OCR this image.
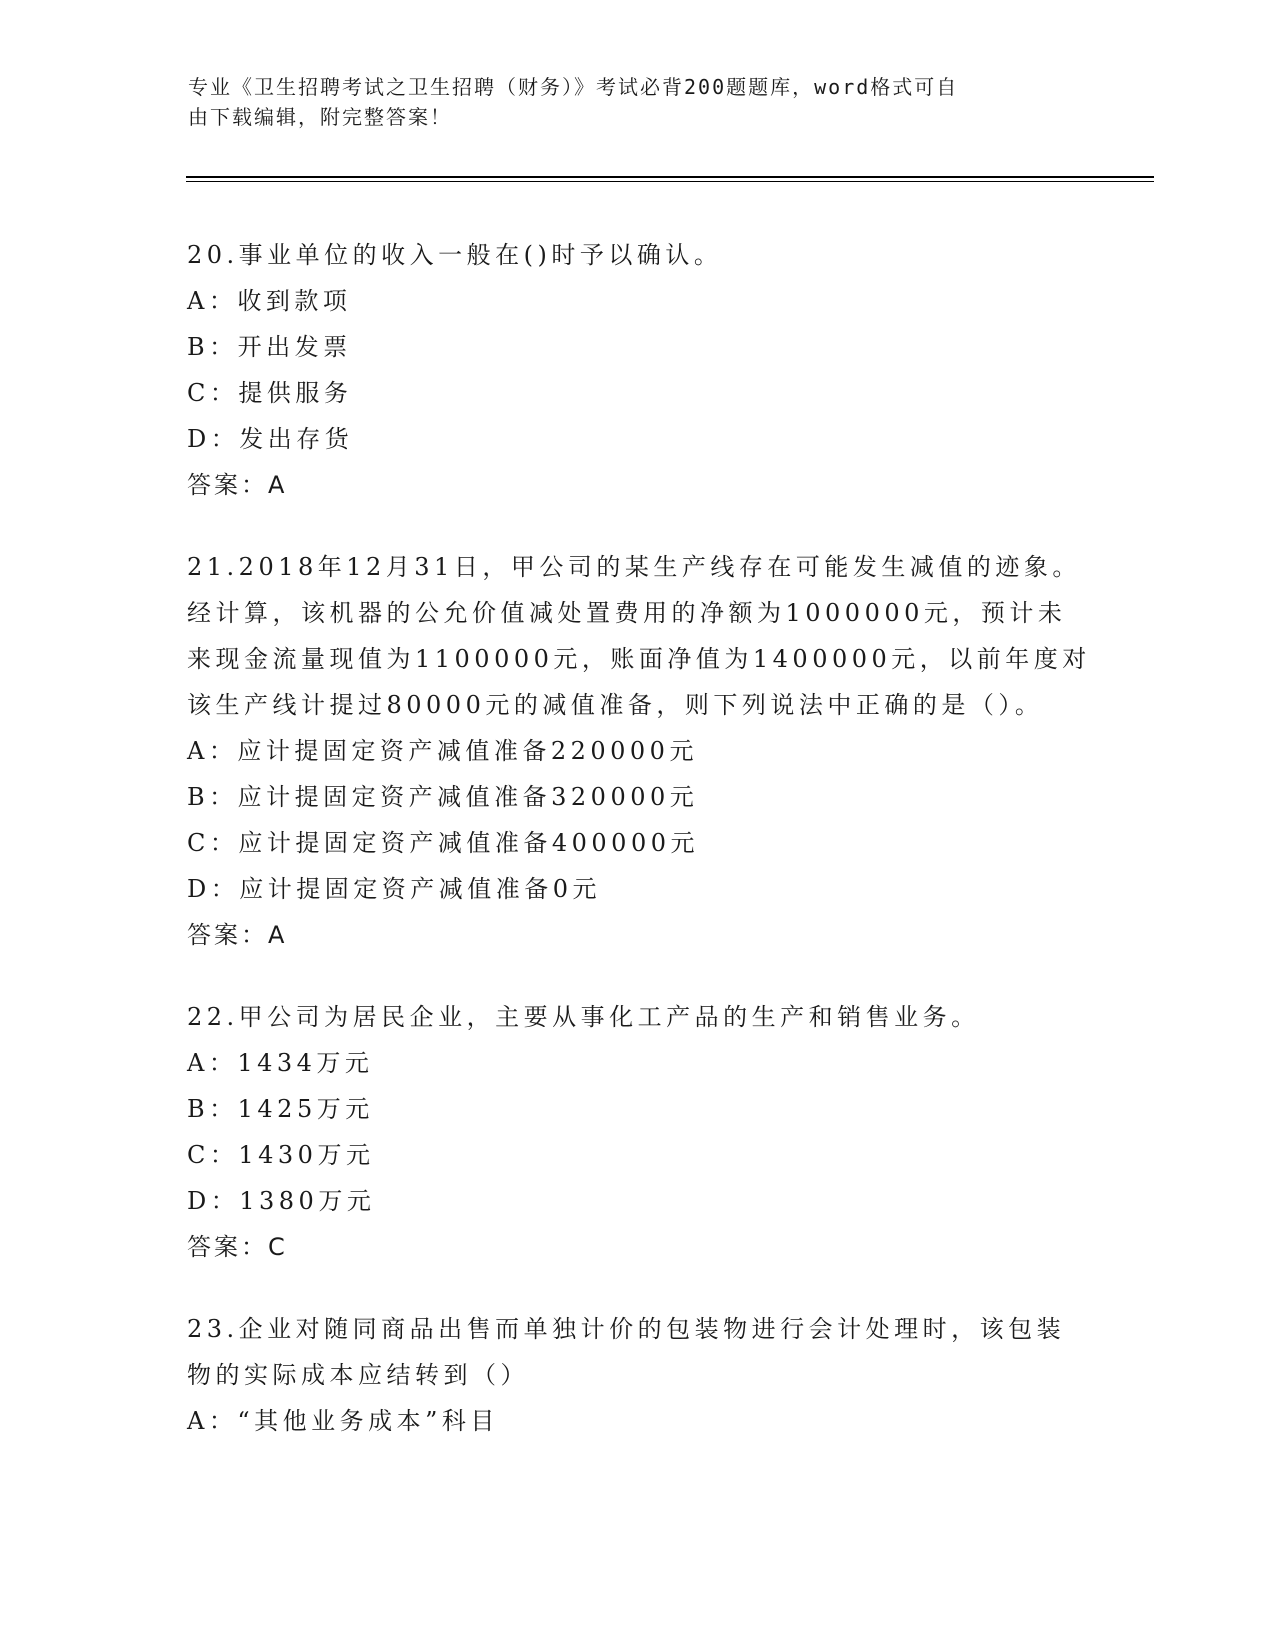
专业《卫生招聘考试之卫生招聘（财务）》考试必背200题题库，word格式可自
由下载编辑，附完整答案！
20.事业单位的收入一般在()时予以确认。
A：收到款项
B：开出发票
C：提供服务
D：发出存货
答案：A
21.2018年12月31日，甲公司的某生产线存在可能发生减值的迹象。
经计算，该机器的公允价值减处置费用的净额为1000000元，预计未
来现金流量现值为1100000元，账面净值为1400000元，以前年度对
该生产线计提过80000元的减值准备，则下列说法中正确的是（）。
A：应计提固定资产减值准备220000元
B：应计提固定资产减值准备320000元
C：应计提固定资产减值准备400000元
D：应计提固定资产减值准备0元
答案：A
22.甲公司为居民企业，主要从事化工产品的生产和销售业务。
A：1434万元
B：1425万元
C：1430万元
D：1380万元
答案：C
23.企业对随同商品出售而单独计价的包装物进行会计处理时，该包装
物的实际成本应结转到（）
A：“其他业务成本”科目
